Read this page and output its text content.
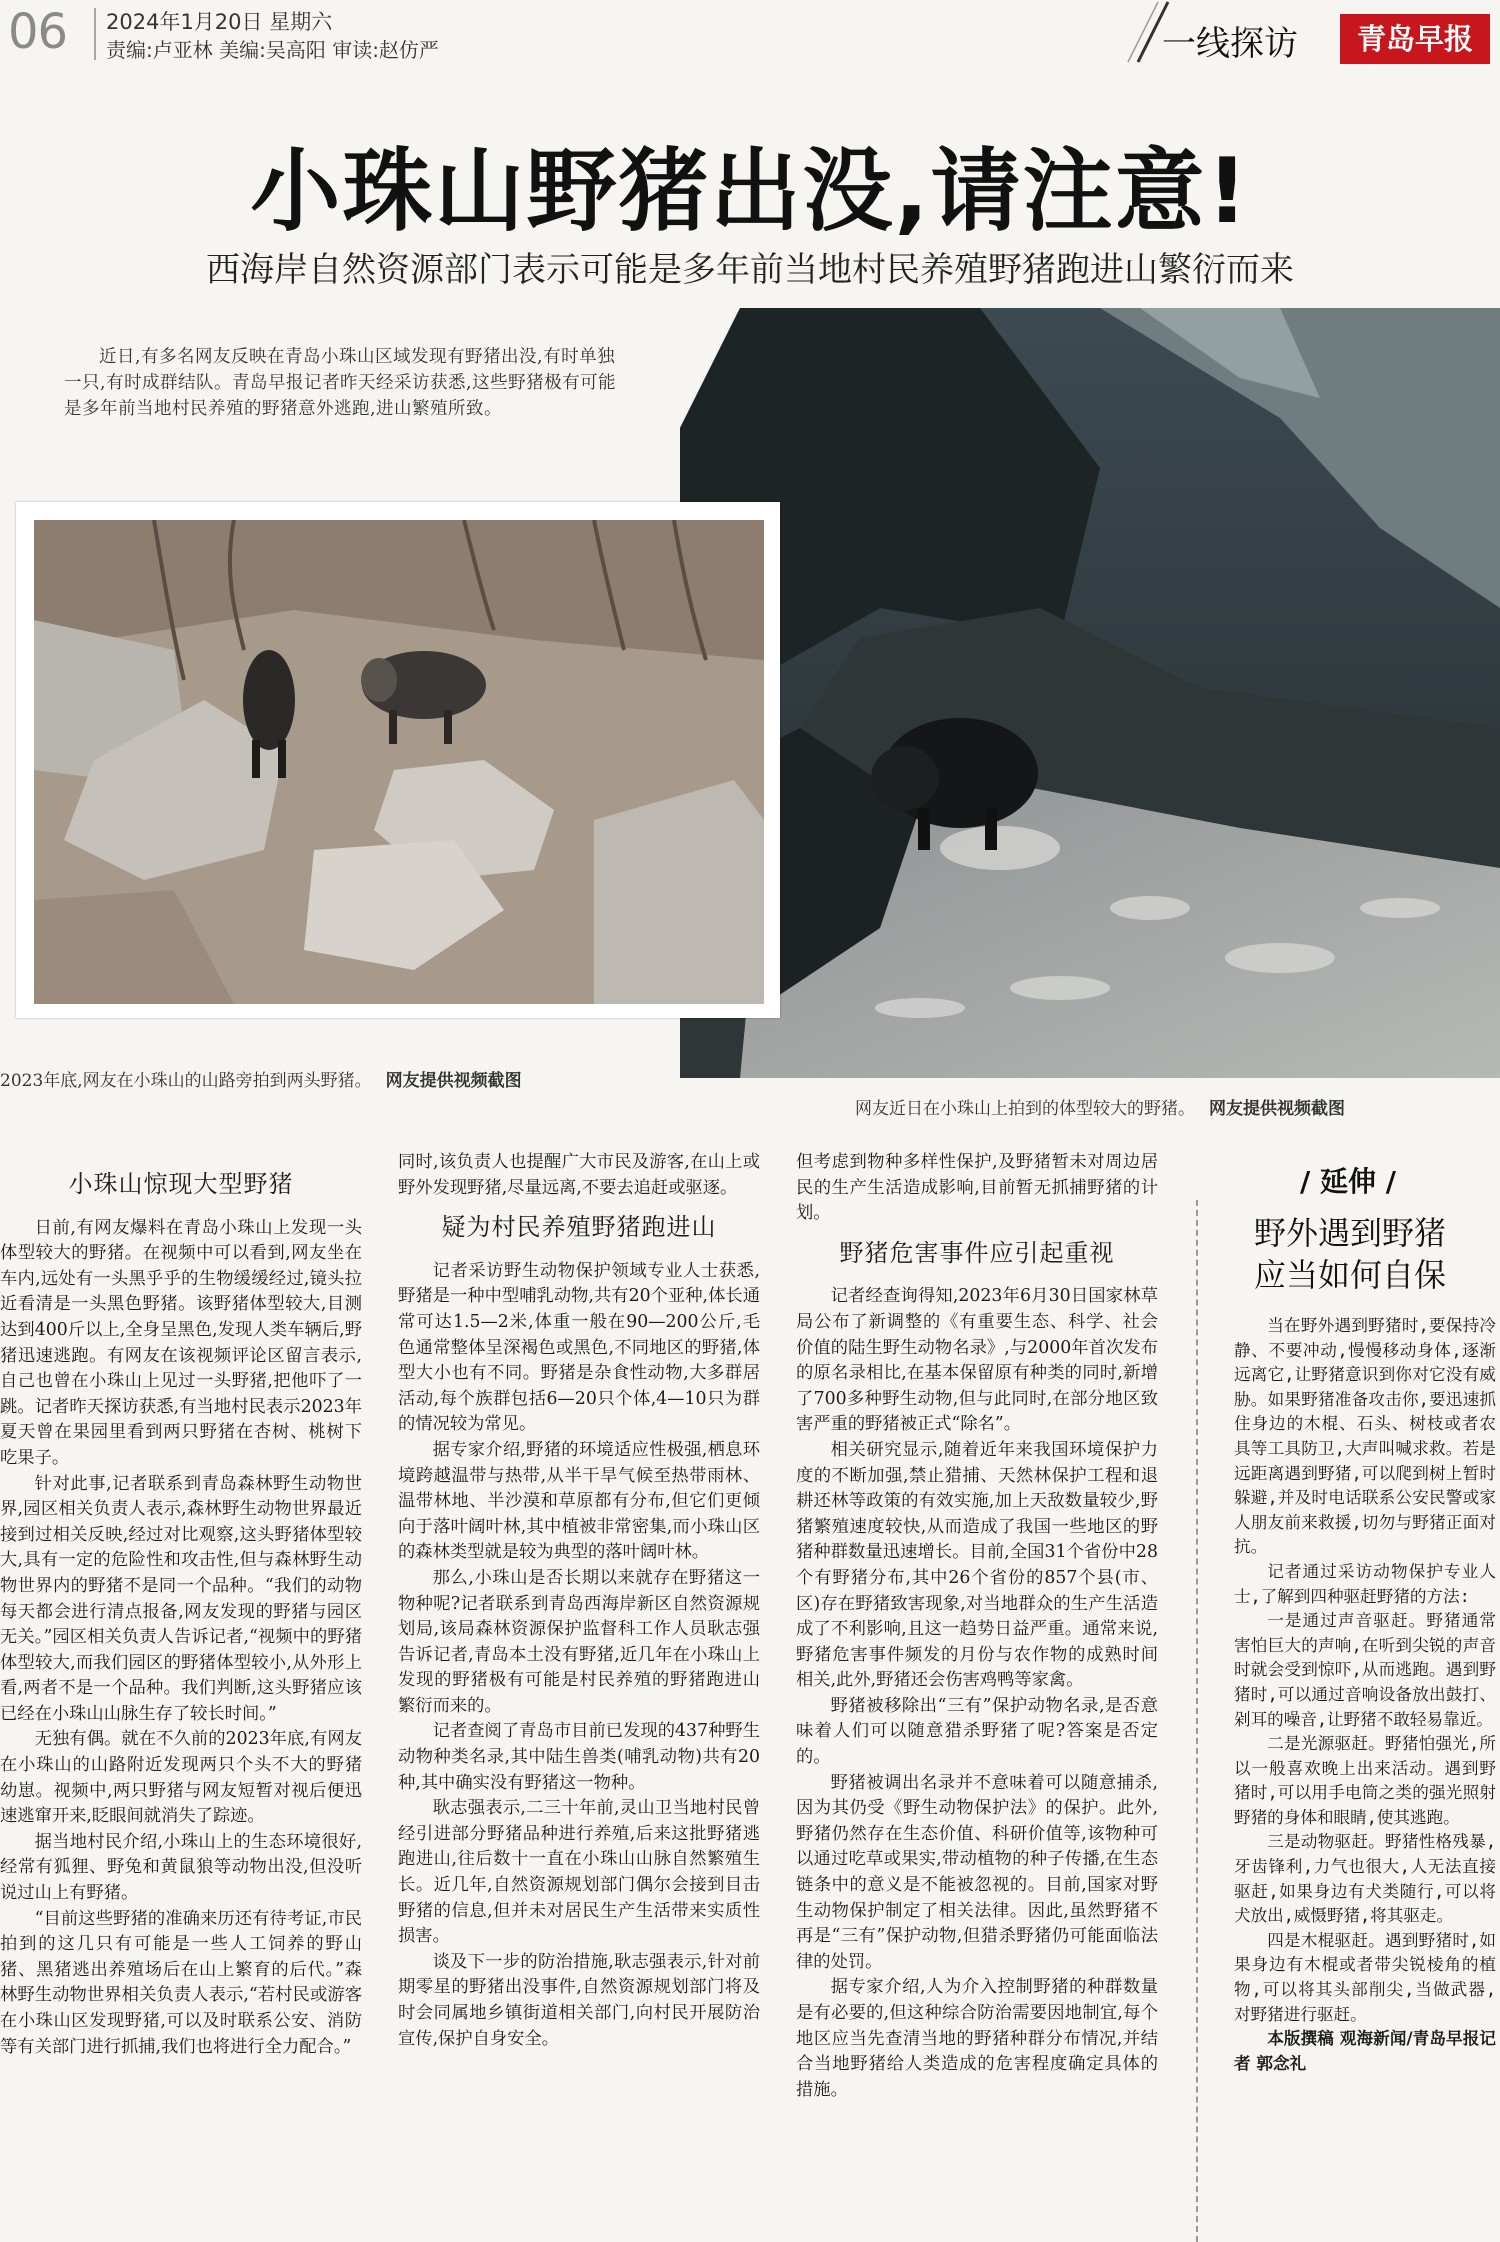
06 2024年1月20日 星期六
责编:卢亚林 美编:吴高阳 审读:赵仿严	一线探访	青岛早报
小珠山野猪出没,请注意!
西海岸自然资源部门表示可能是多年前当地村民养殖野猪跑进山繁衍而来
近日,有多名网友反映在青岛小珠山区域发现有野猪出没,有时单独一只,有时成群结队。青岛早报记者昨天经采访获悉,这些野猪极有可能是多年前当地村民养殖的野猪意外逃跑,进山繁殖所致。
2023年底,网友在小珠山的山路旁拍到两头野猪。 网友提供视频截图
网友近日在小珠山上拍到的体型较大的野猪。 网友提供视频截图
小珠山惊现大型野猪

日前,有网友爆料在青岛小珠山上发现一头体型较大的野猪。在视频中可以看到,网友坐在车内,远处有一头黑乎乎的生物缓缓经过,镜头拉近看清是一头黑色野猪。该野猪体型较大,目测达到400斤以上,全身呈黑色,发现人类车辆后,野猪迅速逃跑。有网友在该视频评论区留言表示,自己也曾在小珠山上见过一头野猪,把他吓了一跳。记者昨天探访获悉,有当地村民表示2023年夏天曾在果园里看到两只野猪在杏树、桃树下吃果子。

针对此事,记者联系到青岛森林野生动物世界,园区相关负责人表示,森林野生动物世界最近接到过相关反映,经过对比观察,这头野猪体型较大,具有一定的危险性和攻击性,但与森林野生动物世界内的野猪不是同一个品种。“我们的动物每天都会进行清点报备,网友发现的野猪与园区无关。”园区相关负责人告诉记者,“视频中的野猪体型较大,而我们园区的野猪体型较小,从外形上看,两者不是一个品种。我们判断,这头野猪应该已经在小珠山山脉生存了较长时间。”

无独有偶。就在不久前的2023年底,有网友在小珠山的山路附近发现两只个头不大的野猪幼崽。视频中,两只野猪与网友短暂对视后便迅速逃窜开来,眨眼间就消失了踪迹。

据当地村民介绍,小珠山上的生态环境很好,经常有狐狸、野兔和黄鼠狼等动物出没,但没听说过山上有野猪。

“目前这些野猪的准确来历还有待考证,市民拍到的这几只有可能是一些人工饲养的野山猪、黑猪逃出养殖场后在山上繁育的后代。”森林野生动物世界相关负责人表示,“若村民或游客在小珠山区发现野猪,可以及时联系公安、消防等有关部门进行抓捕,我们也将进行全力配合。”

同时,该负责人也提醒广大市民及游客,在山上或野外发现野猪,尽量远离,不要去追赶或驱逐。

疑为村民养殖野猪跑进山

记者采访野生动物保护领域专业人士获悉,野猪是一种中型哺乳动物,共有20个亚种,体长通常可达1.5—2米,体重一般在90—200公斤,毛色通常整体呈深褐色或黑色,不同地区的野猪,体型大小也有不同。野猪是杂食性动物,大多群居活动,每个族群包括6—20只个体,4—10只为群的情况较为常见。

据专家介绍,野猪的环境适应性极强,栖息环境跨越温带与热带,从半干旱气候至热带雨林、温带林地、半沙漠和草原都有分布,但它们更倾向于落叶阔叶林,其中植被非常密集,而小珠山区的森林类型就是较为典型的落叶阔叶林。

那么,小珠山是否长期以来就存在野猪这一物种呢?记者联系到青岛西海岸新区自然资源规划局,该局森林资源保护监督科工作人员耿志强告诉记者,青岛本土没有野猪,近几年在小珠山上发现的野猪极有可能是村民养殖的野猪跑进山繁衍而来的。

记者查阅了青岛市目前已发现的437种野生动物种类名录,其中陆生兽类(哺乳动物)共有20种,其中确实没有野猪这一物种。

耿志强表示,二三十年前,灵山卫当地村民曾经引进部分野猪品种进行养殖,后来这批野猪逃跑进山,往后数十一直在小珠山山脉自然繁殖生长。近几年,自然资源规划部门偶尔会接到目击野猪的信息,但并未对居民生产生活带来实质性损害。

谈及下一步的防治措施,耿志强表示,针对前期零星的野猪出没事件,自然资源规划部门将及时会同属地乡镇街道相关部门,向村民开展防治宣传,保护自身安全。

但考虑到物种多样性保护,及野猪暂未对周边居民的生产生活造成影响,目前暂无抓捕野猪的计划。

野猪危害事件应引起重视

记者经查询得知,2023年6月30日国家林草局公布了新调整的《有重要生态、科学、社会价值的陆生野生动物名录》,与2000年首次发布的原名录相比,在基本保留原有种类的同时,新增了700多种野生动物,但与此同时,在部分地区致害严重的野猪被正式“除名”。

相关研究显示,随着近年来我国环境保护力度的不断加强,禁止猎捕、天然林保护工程和退耕还林等政策的有效实施,加上天敌数量较少,野猪繁殖速度较快,从而造成了我国一些地区的野猪种群数量迅速增长。目前,全国31个省份中28个有野猪分布,其中26个省份的857个县(市、区)存在野猪致害现象,对当地群众的生产生活造成了不利影响,且这一趋势日益严重。通常来说,野猪危害事件频发的月份与农作物的成熟时间相关,此外,野猪还会伤害鸡鸭等家禽。

野猪被移除出“三有”保护动物名录,是否意味着人们可以随意猎杀野猪了呢?答案是否定的。

野猪被调出名录并不意味着可以随意捕杀,因为其仍受《野生动物保护法》的保护。此外,野猪仍然存在生态价值、科研价值等,该物种可以通过吃草或果实,带动植物的种子传播,在生态链条中的意义是不能被忽视的。目前,国家对野生动物保护制定了相关法律。因此,虽然野猪不再是“三有”保护动物,但猎杀野猪仍可能面临法律的处罚。

据专家介绍,人为介入控制野猪的种群数量是有必要的,但这种综合防治需要因地制宜,每个地区应当先查清当地的野猪种群分布情况,并结合当地野猪给人类造成的危害程度确定具体的措施。

/ 延伸 /
野外遇到野猪
应当如何自保

当在野外遇到野猪时,要保持冷静、不要冲动,慢慢移动身体,逐渐远离它,让野猪意识到你对它没有威胁。如果野猪准备攻击你,要迅速抓住身边的木棍、石头、树枝或者农具等工具防卫,大声叫喊求救。若是远距离遇到野猪,可以爬到树上暂时躲避,并及时电话联系公安民警或家人朋友前来救援,切勿与野猪正面对抗。

记者通过采访动物保护专业人士,了解到四种驱赶野猪的方法:

一是通过声音驱赶。野猪通常害怕巨大的声响,在听到尖锐的声音时就会受到惊吓,从而逃跑。遇到野猪时,可以通过音响设备放出鼓打、剁耳的噪音,让野猪不敢轻易靠近。

二是光源驱赶。野猪怕强光,所以一般喜欢晚上出来活动。遇到野猪时,可以用手电筒之类的强光照射野猪的身体和眼睛,使其逃跑。

三是动物驱赶。野猪性格残暴,牙齿锋利,力气也很大,人无法直接驱赶,如果身边有犬类随行,可以将犬放出,威慑野猪,将其驱走。

四是木棍驱赶。遇到野猪时,如果身边有木棍或者带尖锐棱角的植物,可以将其头部削尖,当做武器,对野猪进行驱赶。

本版撰稿 观海新闻/青岛早报记者 郭念礼
